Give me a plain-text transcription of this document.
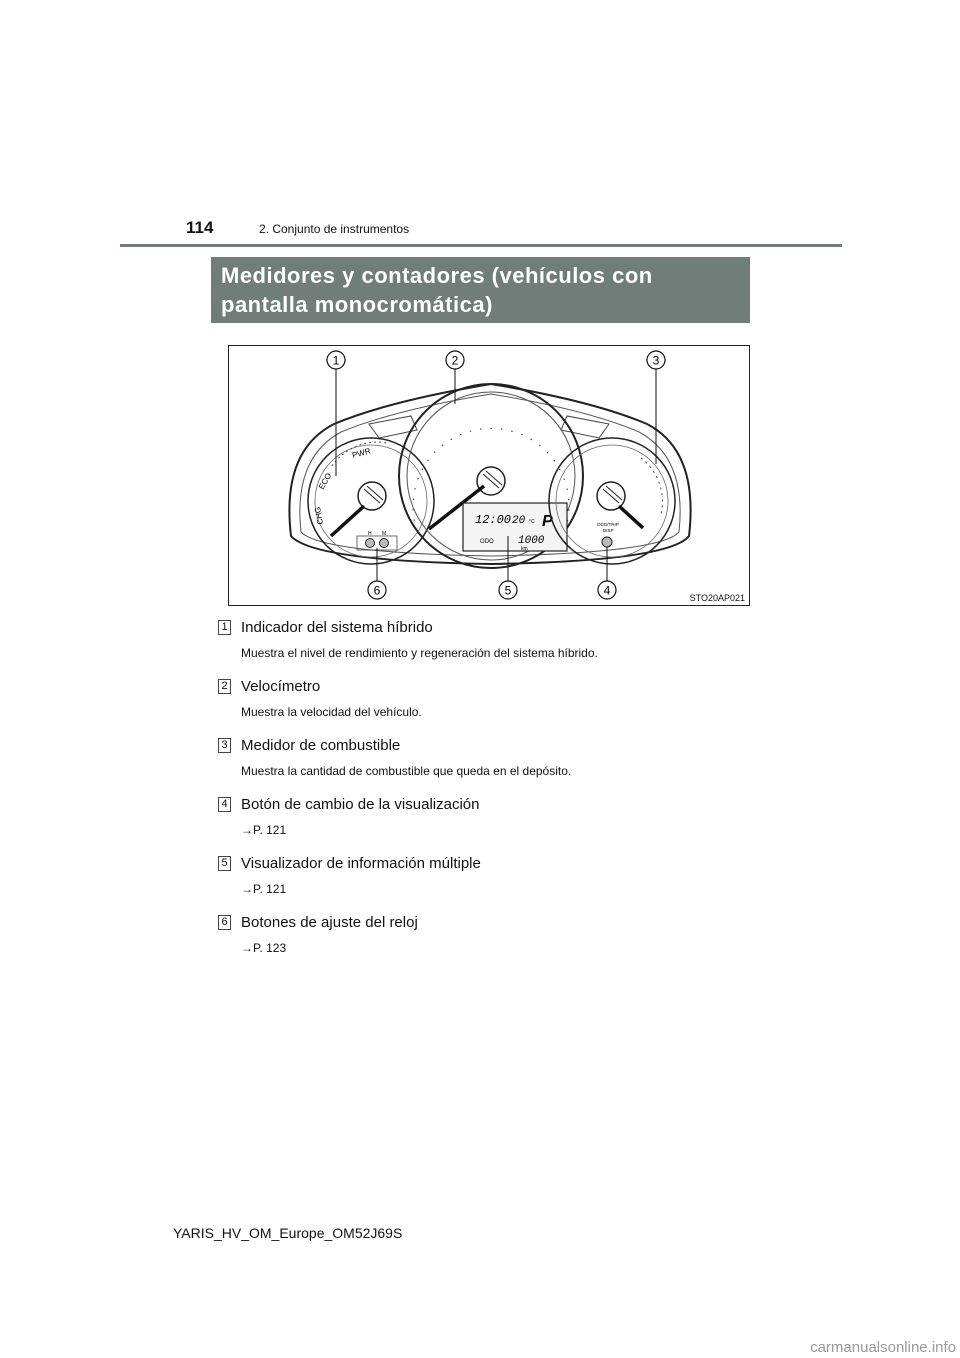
114	2. Conjunto de instrumentos
Medidores y contadores (vehículos con
pantalla monocromática)
ECO
PWR
CHG
H M
12:00 20 °C P
ODO 1000
km
ODO/TRIP
DISP
1	2	3
4
5
6
STO20AP021
1 Indicador del sistema híbrido
Muestra el nivel de rendimiento y regeneración del sistema híbrido.
2 Velocímetro
Muestra la velocidad del vehículo.
3 Medidor de combustible
Muestra la cantidad de combustible que queda en el depósito.
4 Botón de cambio de la visualización
→P. 121
5 Visualizador de información múltiple
→P. 121
6 Botones de ajuste del reloj
→P. 123
YARIS_HV_OM_Europe_OM52J69S
carmanualsonline.info
